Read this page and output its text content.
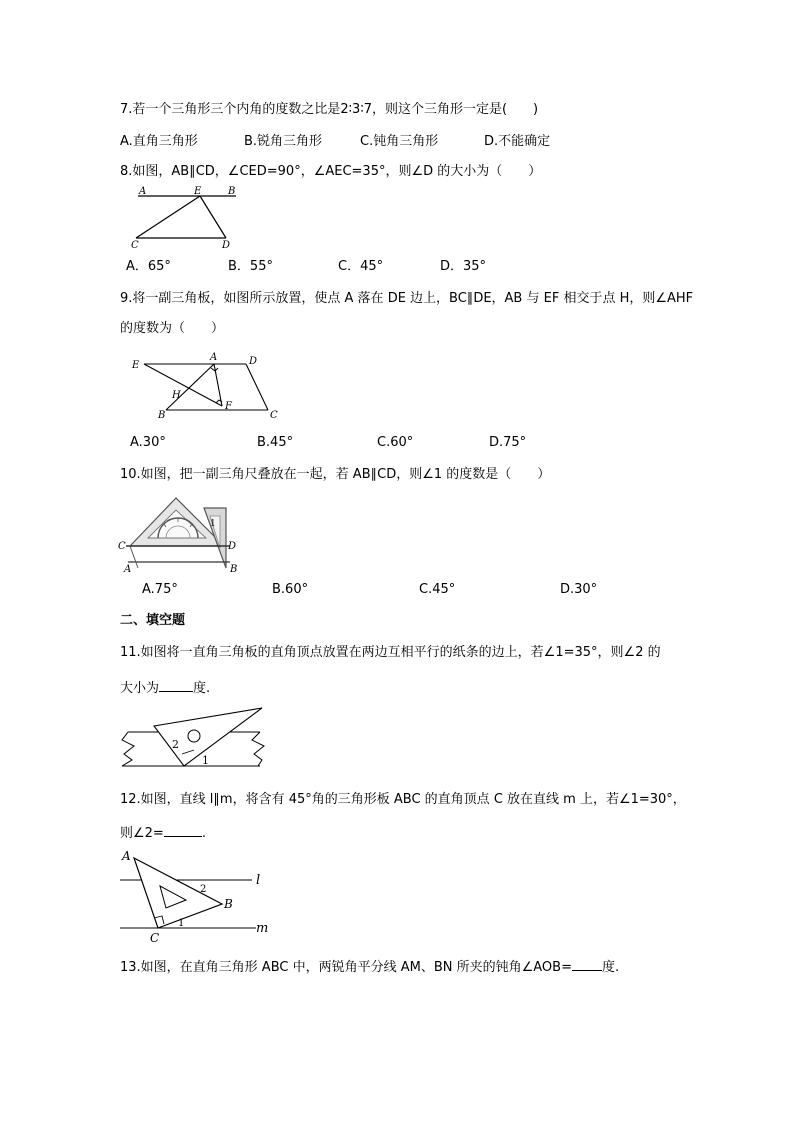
7.若一个三角形三个内角的度数之比是2∶3∶7，则这个三角形一定是(　　)
A.直角三角形	B.锐角三角形	C.钝角三角形	D.不能确定
8.如图，AB∥CD，∠CED=90°，∠AEC=35°，则∠D 的大小为（　　）
A	E	B
C	D
A．65°	B．55°	C．45°	D．35°
9.将一副三角板，如图所示放置，使点 A 落在 DE 边上，BC∥DE，AB 与 EF 相交于点 H，则∠AHF
的度数为（　　）
E
A	D
H
F
B	C
A.30°	B.45°	C.60°	D.75°
10.如图，把一副三角尺叠放在一起，若 AB∥CD，则∠1 的度数是（　　）
C	D
A	B
1
A.75°	B.60°	C.45°	D.30°
二、填空题
11.如图将一直角三角板的直角顶点放置在两边互相平行的纸条的边上，若∠1=35°，则∠2 的
大小为	度.
2
1
12.如图，直线 l∥m，将含有 45°角的三角形板 ABC 的直角顶点 C 放在直线 m 上，若∠1=30°，
则∠2=	.
A
l
2
B
1
C
m
13.如图，在直角三角形 ABC 中，两锐角平分线 AM、BN 所夹的钝角∠AOB= 度.
